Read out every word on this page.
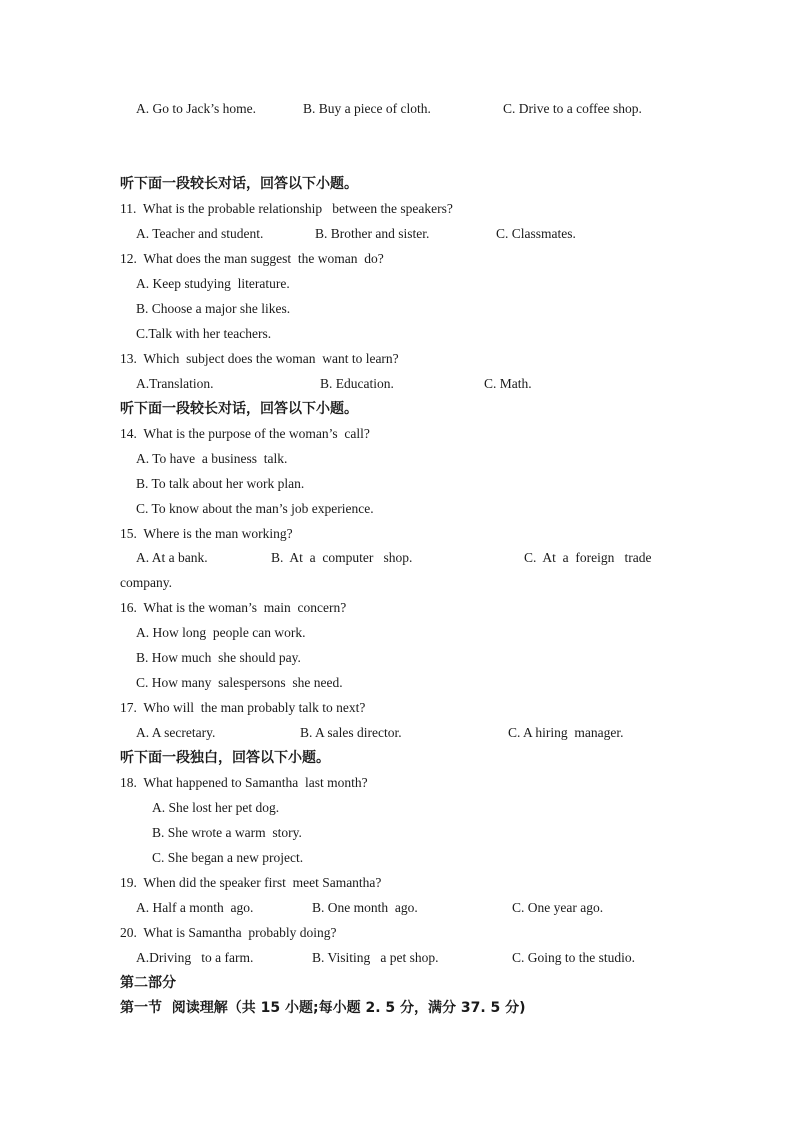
A. Go to Jack’s home.	B. Buy a piece of cloth.	C. Drive to a coffee shop.
听下面一段较长对话，回答以下小题。
11.  What is the probable relationship   between the speakers?
A. Teacher and student.	B. Brother and sister.	C. Classmates.
12.  What does the man suggest  the woman  do?
A. Keep studying  literature.
B. Choose a major she likes.
C.Talk with her teachers.
13.  Which  subject does the woman  want to learn?
A.Translation.	B. Education.	C. Math.
听下面一段较长对话，回答以下小题。
14.  What is the purpose of the woman’s  call?
A. To have  a business  talk.
B. To talk about her work plan.
C. To know about the man’s job experience.
15.  Where is the man working?
A. At a bank.	B.  At  a  computer   shop.	C.  At  a  foreign   trade
company.
16.  What is the woman’s  main  concern?
A. How long  people can work.
B. How much  she should pay.
C. How many  salespersons  she need.
17.  Who will  the man probably talk to next?
A. A secretary.	B. A sales director.	C. A hiring  manager.
听下面一段独白，回答以下小题。
18.  What happened to Samantha  last month?
A. She lost her pet dog.
B. She wrote a warm  story.
C. She began a new project.
19.  When did the speaker first  meet Samantha?
A. Half a month  ago.	B. One month  ago.	C. One year ago.
20.  What is Samantha  probably doing?
A.Driving   to a farm.	B. Visiting   a pet shop.	C. Going to the studio.
第二部分
第一节  阅读理解（共 15 小题;每小题 2. 5 分，满分 37. 5 分)
